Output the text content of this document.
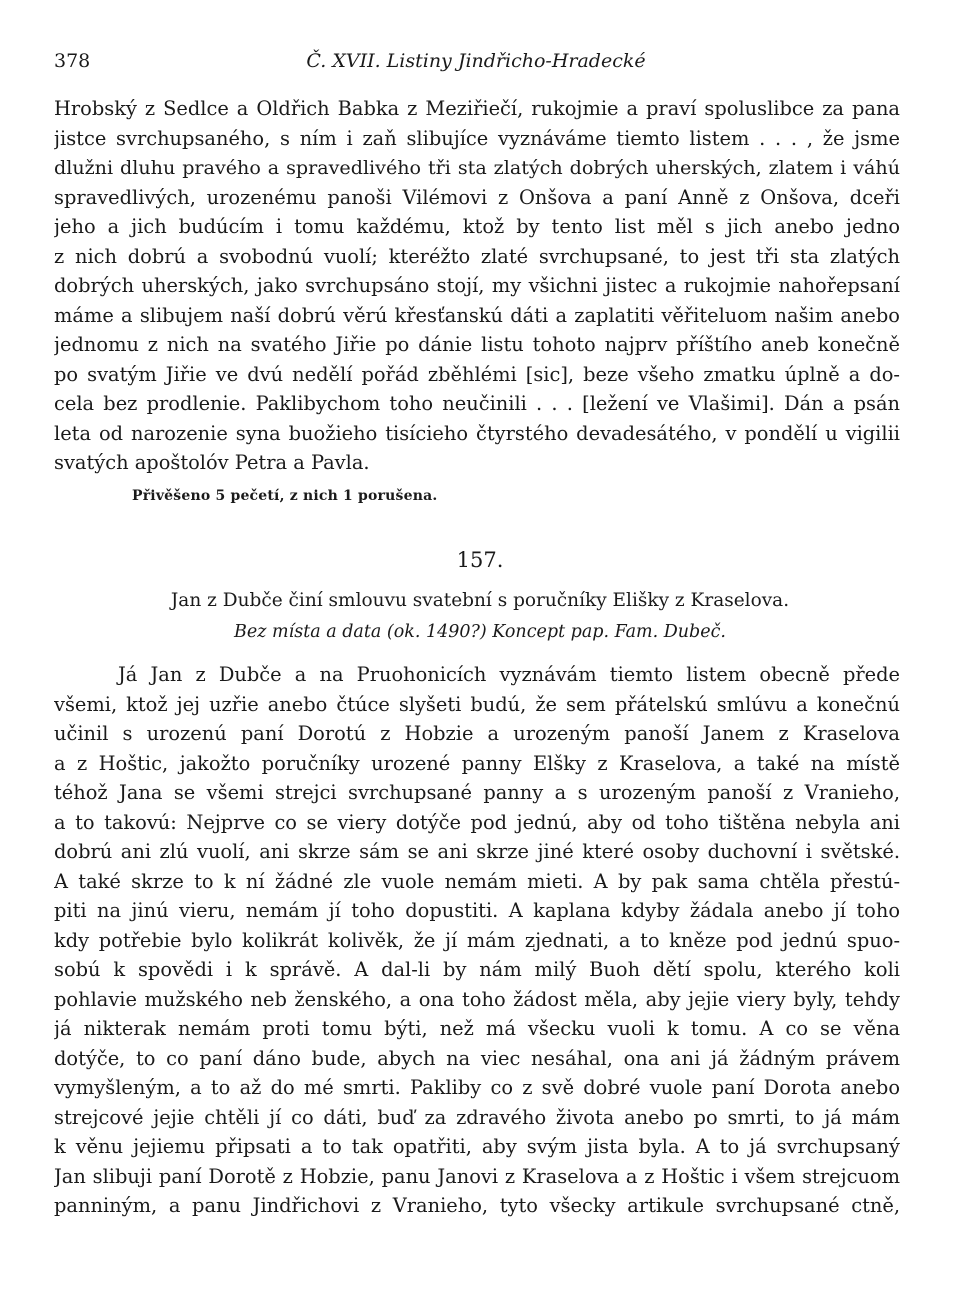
378	Č. XVII. Listiny Jindřicho-Hradecké
Hrobský z Sedlce a Oldřich Babka z Meziřiečí, rukojmie a praví spoluslibce za pana
jistce svrchupsaného, s ním i zaň slibujíce vyznáváme tiemto listem . . . , že jsme
dlužni dluhu pravého a spravedlivého tři sta zlatých dobrých uherských, zlatem i váhú
spravedlivých, urozenému panoši Vilémovi z Onšova a paní Anně z Onšova, dceři
jeho a jich budúcím i tomu každému, ktož by tento list měl s jich anebo jedno
z nich dobrú a svobodnú vuolí; kteréžto zlaté svrchupsané, to jest tři sta zlatých
dobrých uherských, jako svrchupsáno stojí, my všichni jistec a rukojmie nahořepsaní
máme a slibujem naší dobrú věrú křesťanskú dáti a zaplatiti věřiteluom našim anebo
jednomu z nich na svatého Jiřie po dánie listu tohoto najprv příštího aneb konečně
po svatým Jiřie ve dvú nedělí pořád zběhlémi [sic], beze všeho zmatku úplně a do-
cela bez prodlenie. Paklibychom toho neučinili . . . [ležení ve Vlašimi]. Dán a psán
leta od narozenie syna buožieho tisícieho čtyrstého devadesátého, v pondělí u vigilii
svatých apoštolóv Petra a Pavla.
Přivěšeno 5 pečetí, z nich 1 porušena.
157.
Jan z Dubče činí smlouvu svatební s poručníky Elišky z Kraselova.
Bez místa a data (ok. 1490?) Koncept pap. Fam. Dubeč.
Já Jan z Dubče a na Pruohonicích vyznávám tiemto listem obecně přede
všemi, ktož jej uzřie anebo čtúce slyšeti budú, že sem přátelskú smlúvu a konečnú
učinil s urozenú paní Dorotú z Hobzie a urozeným panoší Janem z Kraselova
a z Hoštic, jakožto poručníky urozené panny Elšky z Kraselova, a také na místě
téhož Jana se všemi strejci svrchupsané panny a s urozeným panoší z Vranieho,
a to takovú: Nejprve co se viery dotýče pod jednú, aby od toho tištěna nebyla ani
dobrú ani zlú vuolí, ani skrze sám se ani skrze jiné které osoby duchovní i světské.
A také skrze to k ní žádné zle vuole nemám mieti. A by pak sama chtěla přestú-
piti na jinú vieru, nemám jí toho dopustiti. A kaplana kdyby žádala anebo jí toho
kdy potřebie bylo kolikrát kolivěk, že jí mám zjednati, a to kněze pod jednú spuo-
sobú k spovědi i k správě. A dal-li by nám milý Buoh dětí spolu, kterého koli
pohlavie mužského neb ženského, a ona toho žádost měla, aby jejie viery byly, tehdy
já nikterak nemám proti tomu býti, než má všecku vuoli k tomu. A co se věna
dotýče, to co paní dáno bude, abych na viec nesáhal, ona ani já žádným právem
vymyšleným, a to až do mé smrti. Pakliby co z svě dobré vuole paní Dorota anebo
strejcové jejie chtěli jí co dáti, buď za zdravého života anebo po smrti, to já mám
k věnu jejiemu připsati a to tak opatřiti, aby svým jista byla. A to já svrchupsaný
Jan slibuji paní Dorotě z Hobzie, panu Janovi z Kraselova a z Hoštic i všem strejcuom
panniným, a panu Jindřichovi z Vranieho, tyto všecky artikule svrchupsané ctně,
